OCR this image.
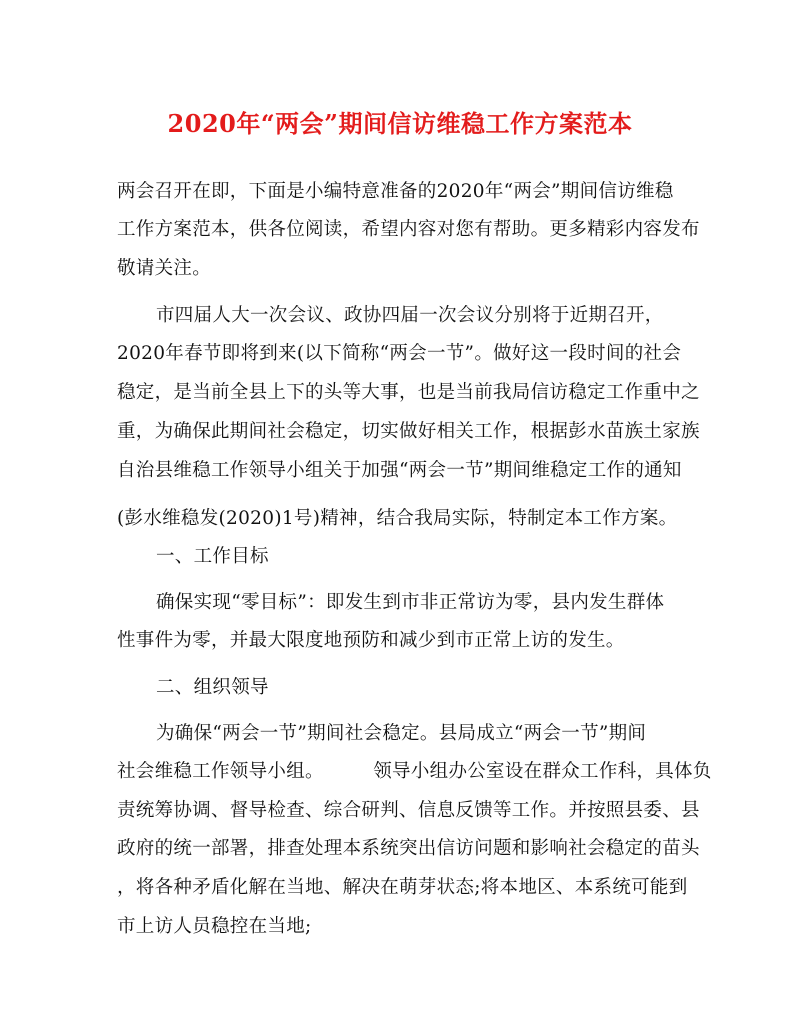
2020年“两会”期间信访维稳工作方案范本
两会召开在即，下面是小编特意准备的2020年“两会”期间信访维稳
工作方案范本，供各位阅读，希望内容对您有帮助。更多精彩内容发布
敬请关注。
市四届人大一次会议、政协四届一次会议分别将于近期召开，
2020年春节即将到来(以下简称“两会一节”。做好这一段时间的社会
稳定，是当前全县上下的头等大事，也是当前我局信访稳定工作重中之
重，为确保此期间社会稳定，切实做好相关工作，根据彭水苗族土家族
自治县维稳工作领导小组关于加强“两会一节”期间维稳定工作的通知
(彭水维稳发(2020)1号)精神，结合我局实际，特制定本工作方案。
一、工作目标
确保实现“零目标”：即发生到市非正常访为零，县内发生群体
性事件为零，并最大限度地预防和减少到市正常上访的发生。
二、组织领导
为确保“两会一节”期间社会稳定。县局成立“两会一节”期间
社会维稳工作领导小组。        领导小组办公室设在群众工作科，具体负
责统筹协调、督导检查、综合研判、信息反馈等工作。并按照县委、县
政府的统一部署，排查处理本系统突出信访问题和影响社会稳定的苗头
，将各种矛盾化解在当地、解决在萌芽状态;将本地区、本系统可能到
市上访人员稳控在当地;
